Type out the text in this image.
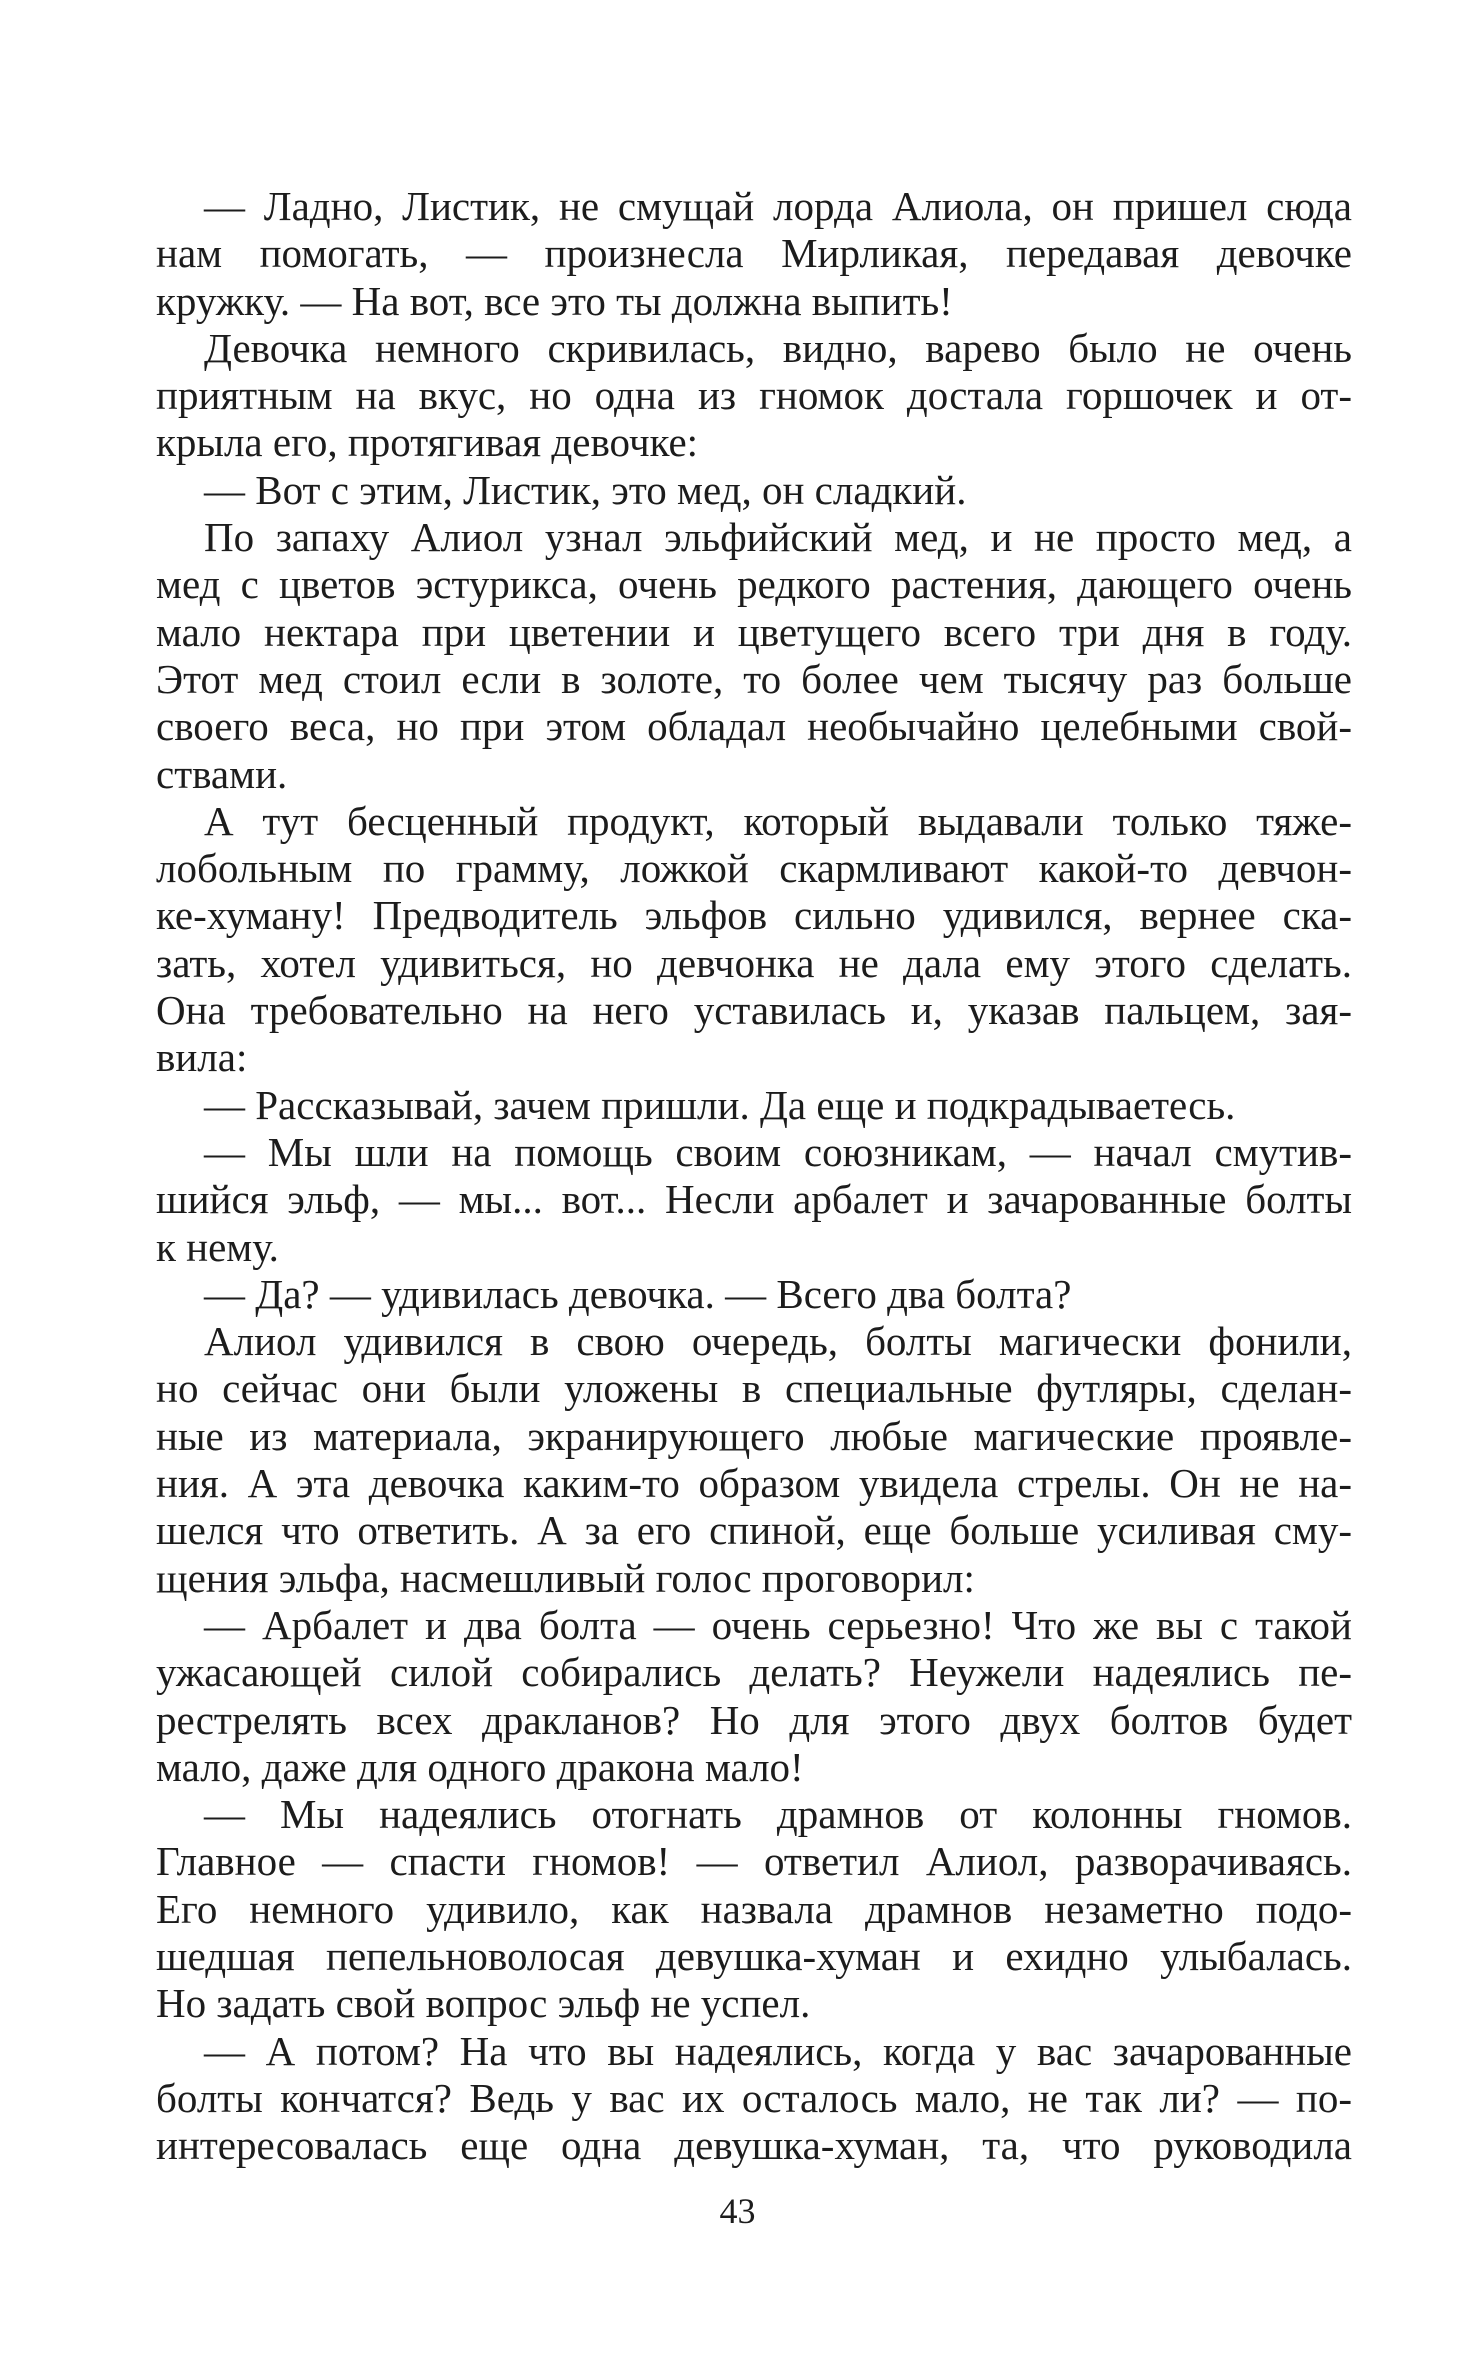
— Ладно, Листик, не смущай лорда Алиола, он пришел сюда
нам помогать, — произнесла Мирликая, передавая девочке
кружку. — На вот, все это ты должна выпить!
Девочка немного скривилась, видно, варево было не очень
приятным на вкус, но одна из гномок достала горшочек и от-
крыла его, протягивая девочке:
— Вот с этим, Листик, это мед, он сладкий.
По запаху Алиол узнал эльфийский мед, и не просто мед, а
мед с цветов эстурикса, очень редкого растения, дающего очень
мало нектара при цветении и цветущего всего три дня в году.
Этот мед стоил если в золоте, то более чем тысячу раз больше
своего веса, но при этом обладал необычайно целебными свой-
ствами.
А тут бесценный продукт, который выдавали только тяже-
лобольным по грамму, ложкой скармливают какой-то девчон-
ке-хуману! Предводитель эльфов сильно удивился, вернее ска-
зать, хотел удивиться, но девчонка не дала ему этого сделать.
Она требовательно на него уставилась и, указав пальцем, зая-
вила:
— Рассказывай, зачем пришли. Да еще и подкрадываетесь.
— Мы шли на помощь своим союзникам, — начал смутив-
шийся эльф, — мы... вот... Несли арбалет и зачарованные болты
к нему.
— Да? — удивилась девочка. — Всего два болта?
Алиол удивился в свою очередь, болты магически фонили,
но сейчас они были уложены в специальные футляры, сделан-
ные из материала, экранирующего любые магические проявле-
ния. А эта девочка каким-то образом увидела стрелы. Он не на-
шелся что ответить. А за его спиной, еще больше усиливая сму-
щения эльфа, насмешливый голос проговорил:
— Арбалет и два болта — очень серьезно! Что же вы с такой
ужасающей силой собирались делать? Неужели надеялись пе-
рестрелять всех дракланов? Но для этого двух болтов будет
мало, даже для одного дракона мало!
— Мы надеялись отогнать драмнов от колонны гномов.
Главное — спасти гномов! — ответил Алиол, разворачиваясь.
Его немного удивило, как назвала драмнов незаметно подо-
шедшая пепельноволосая девушка-хуман и ехидно улыбалась.
Но задать свой вопрос эльф не успел.
— А потом? На что вы надеялись, когда у вас зачарованные
болты кончатся? Ведь у вас их осталось мало, не так ли? — по-
интересовалась еще одна девушка-хуман, та, что руководила
43
